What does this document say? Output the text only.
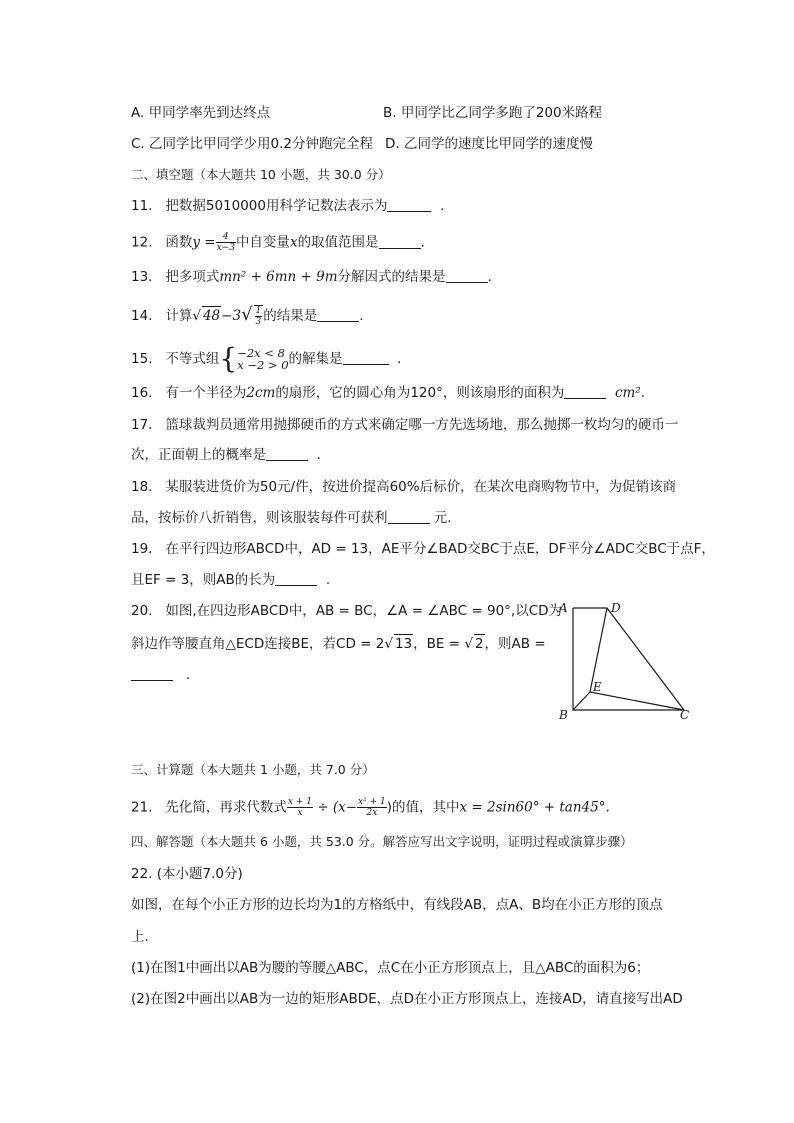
A. 甲同学率先到达终点	B. 甲同学比乙同学多跑了200米路程
C. 乙同学比甲同学少用0.2分钟跑完全程 D. 乙同学的速度比甲同学的速度慢
二、填空题（本大题共 10 小题，共 30.0 分）
11. 把数据5010000用科学记数法表示为	.
12. 函数$y = \frac{4}{x-3}$ 中自变量x的取值范围是	.
13. 把多项式mn² + 6mn + 9m分解因式的结果是	.
14. 计算√ $48-3√ \frac{1}{3}$ 的结果是	.
15. 不等式组{ −2x < 8
x −2 > 0 的解集是	.
16. 有一个半径为2cm的扇形，它的圆心角为120°，则该扇形的面积为	cm².
17. 篮球裁判员通常用抛掷硬币的方式来确定哪一方先选场地，那么抛掷一枚均匀的硬币一
次，正面朝上的概率是	.
18. 某服装进货价为50元/件，按进价提高60%后标价，在某次电商购物节中，为促销该商
品，按标价八折销售，则该服装每件可获利	元.
19. 在平行四边形ABCD中，AD = 13，AE平分∠BAD交BC于点E，DF平分∠ADC交BC于点F，
且EF = 3，则AB的长为	.
20. 如图,在四边形ABCD中，AB = BC，∠A = ∠ABC = 90°,以CD为
斜边作等腰直角△ECD连接BE，若CD = 2√ 13，BE = √ 2，则AB =
.
A	D
E
B	C
三、计算题（本大题共 1 小题，共 7.0 分）
21. 先化简，再求代数式 $\frac{x + 1}{x} \div (x- \frac{\text{x² + 1}}{2x}$ )的值，其中x = 2sin60° + tan45°.
四、解答题（本大题共 6 小题，共 53.0 分。解答应写出文字说明，证明过程或演算步骤）
22. (本小题7.0分)
如图，在每个小正方形的边长均为1的方格纸中，有线段AB，点A、B均在小正方形的顶点
上．
(1)在图1中画出以AB为腰的等腰△ABC，点C在小正方形顶点上，且△ABC的面积为6；
(2)在图2中画出以AB为一边的矩形ABDE，点D在小正方形顶点上，连接AD，请直接写出AD
